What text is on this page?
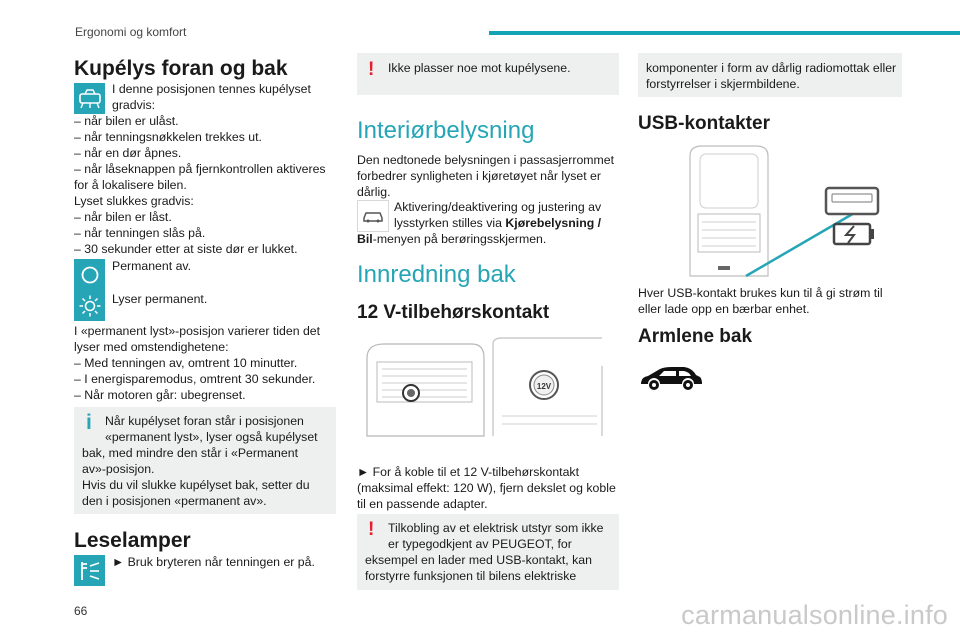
Ergonomi og komfort
Kupélys foran og bak
I denne posisjonen tennes kupélyset
gradvis:
– når bilen er ulåst.
– når tenningsnøkkelen trekkes ut.
– når en dør åpnes.
– når låseknappen på fjernkontrollen aktiveres
for å lokalisere bilen.
Lyset slukkes gradvis:
– når bilen er låst.
– når tenningen slås på.
– 30 sekunder etter at siste dør er lukket.
Permanent av.
Lyser permanent.
I «permanent lyst»-posisjon varierer tiden det
lyser med omstendighetene:
– Med tenningen av, omtrent 10 minutter.
– I energisparemodus, omtrent 30 sekunder.
– Når motoren går: ubegrenset.
i Når kupélyset foran står i posisjonen
«permanent lyst», lyser også kupélyset
bak, med mindre den står i «Permanent
av»-posisjon.
Hvis du vil slukke kupélyset bak, setter du
den i posisjonen «permanent av».
Leselamper
► Bruk bryteren når tenningen er på.
! Ikke plasser noe mot kupélysene.
Interiørbelysning
Den nedtonede belysningen i passasjerrommet
forbedrer synligheten i kjøretøyet når lyset er
dårlig.
Aktivering/deaktivering og justering av
lysstyrken stilles via Kjørebelysning /
Bil-menyen på berøringsskjermen.
Innredning bak
12 V-tilbehørskontakt
12V
► For å koble til et 12 V-tilbehørskontakt
(maksimal effekt: 120 W), fjern dekslet og koble
til en passende adapter.
! Tilkobling av et elektrisk utstyr som ikke
er typegodkjent av PEUGEOT, for
eksempel en lader med USB-kontakt, kan
forstyrre funksjonen til bilens elektriske
komponenter i form av dårlig radiomottak eller
forstyrrelser i skjermbildene.
USB-kontakter
Hver USB-kontakt brukes kun til å gi strøm til
eller lade opp en bærbar enhet.
Armlene bak
66	carmanualsonline.info
